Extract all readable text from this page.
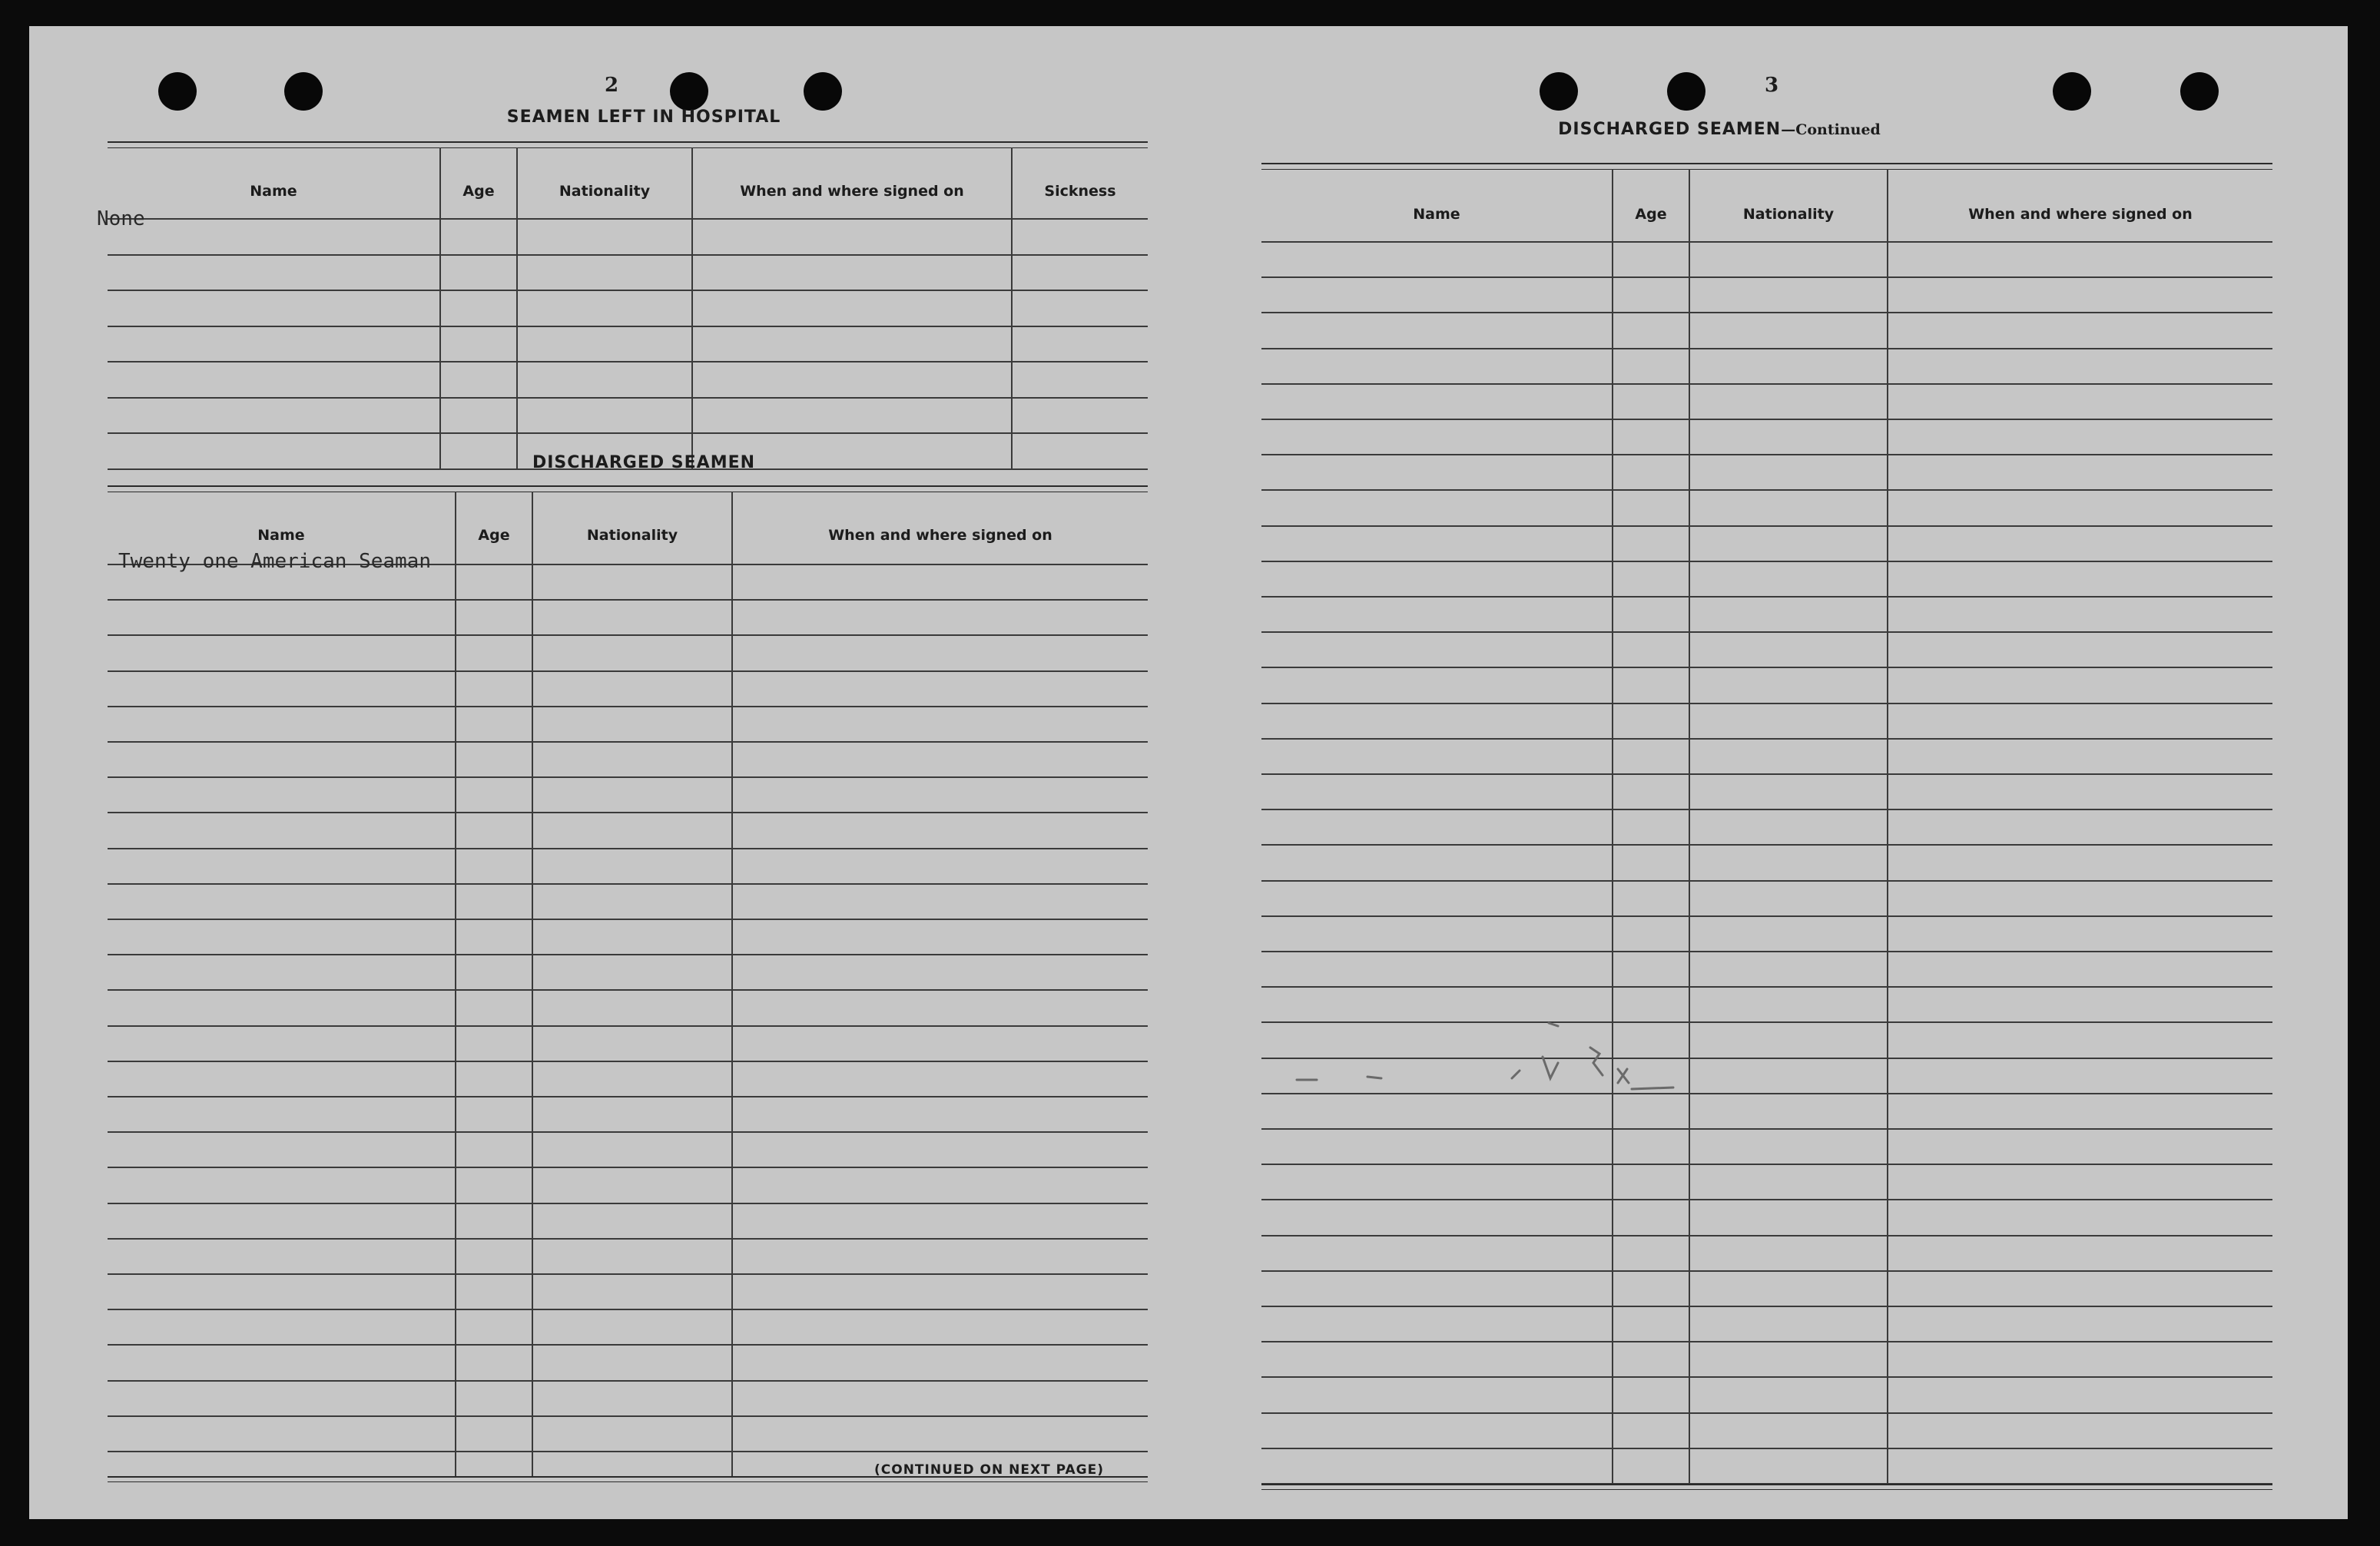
2
SEAMEN LEFT IN HOSPITAL
Name	Age	Nationality	When and where signed on	Sickness
None
DISCHARGED SEAMEN
Name	Age	Nationality	When and where signed on
Twenty one American Seaman
(CONTINUED ON NEXT PAGE)
3
DISCHARGED SEAMEN—Continued
Name	Age	Nationality	When and where signed on
